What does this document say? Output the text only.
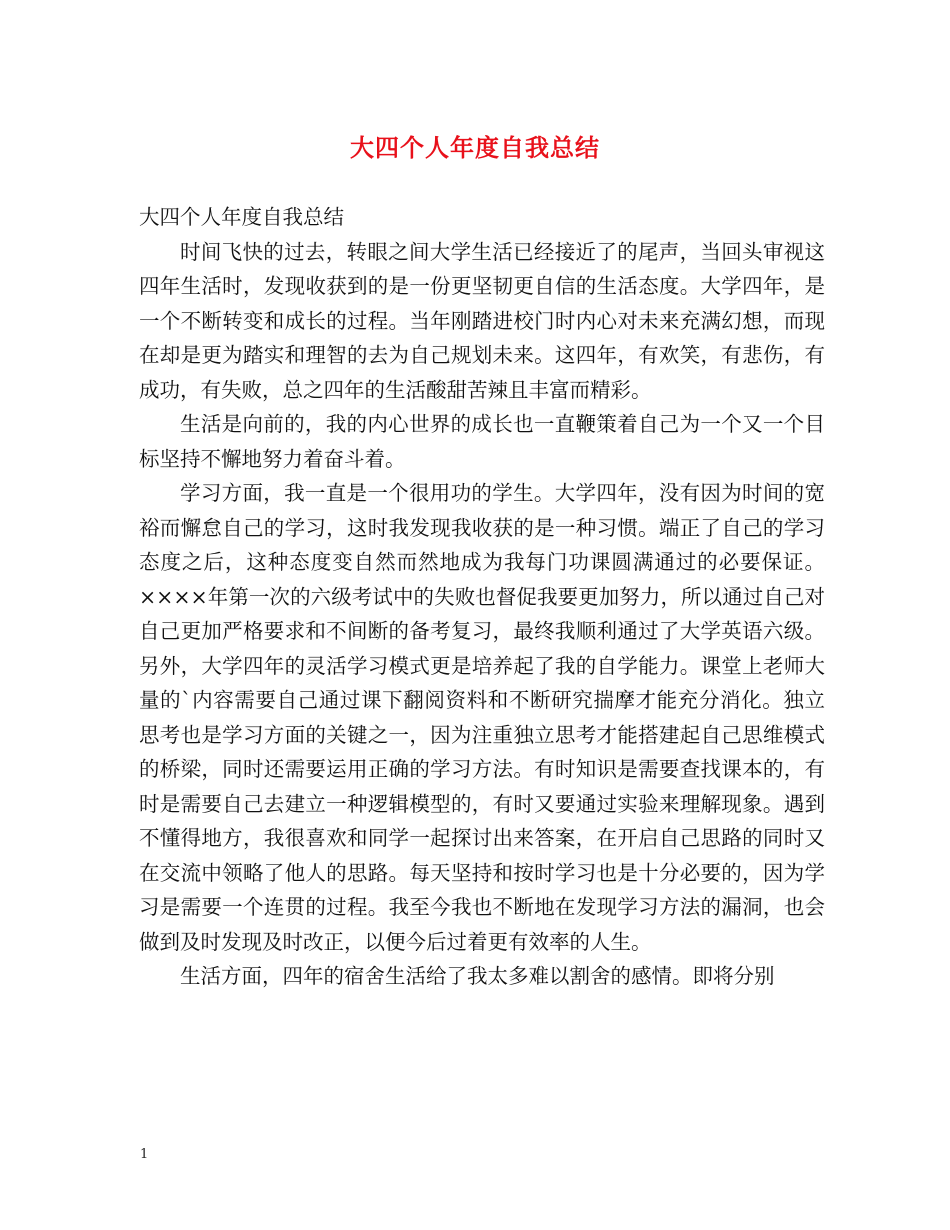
大四个人年度自我总结

大四个人年度自我总结

时间飞快的过去，转眼之间大学生活已经接近了的尾声，当回头审视这四年生活时，发现收获到的是一份更坚韧更自信的生活态度。大学四年，是一个不断转变和成长的过程。当年刚踏进校门时内心对未来充满幻想，而现在却是更为踏实和理智的去为自己规划未来。这四年，有欢笑，有悲伤，有成功，有失败，总之四年的生活酸甜苦辣且丰富而精彩。

生活是向前的，我的内心世界的成长也一直鞭策着自己为一个又一个目标坚持不懈地努力着奋斗着。

学习方面，我一直是一个很用功的学生。大学四年，没有因为时间的宽裕而懈怠自己的学习，这时我发现我收获的是一种习惯。端正了自己的学习态度之后，这种态度变自然而然地成为我每门功课圆满通过的必要保证。××××年第一次的六级考试中的失败也督促我要更加努力，所以通过自己对自己更加严格要求和不间断的备考复习，最终我顺利通过了大学英语六级。另外，大学四年的灵活学习模式更是培养起了我的自学能力。课堂上老师大量的`内容需要自己通过课下翻阅资料和不断研究揣摩才能充分消化。独立思考也是学习方面的关键之一，因为注重独立思考才能搭建起自己思维模式的桥梁，同时还需要运用正确的学习方法。有时知识是需要查找课本的，有时是需要自己去建立一种逻辑模型的，有时又要通过实验来理解现象。遇到不懂得地方，我很喜欢和同学一起探讨出来答案，在开启自己思路的同时又在交流中领略了他人的思路。每天坚持和按时学习也是十分必要的，因为学习是需要一个连贯的过程。我至今我也不断地在发现学习方法的漏洞，也会做到及时发现及时改正，以便今后过着更有效率的人生。

生活方面，四年的宿舍生活给了我太多难以割舍的感情。即将分别

1
